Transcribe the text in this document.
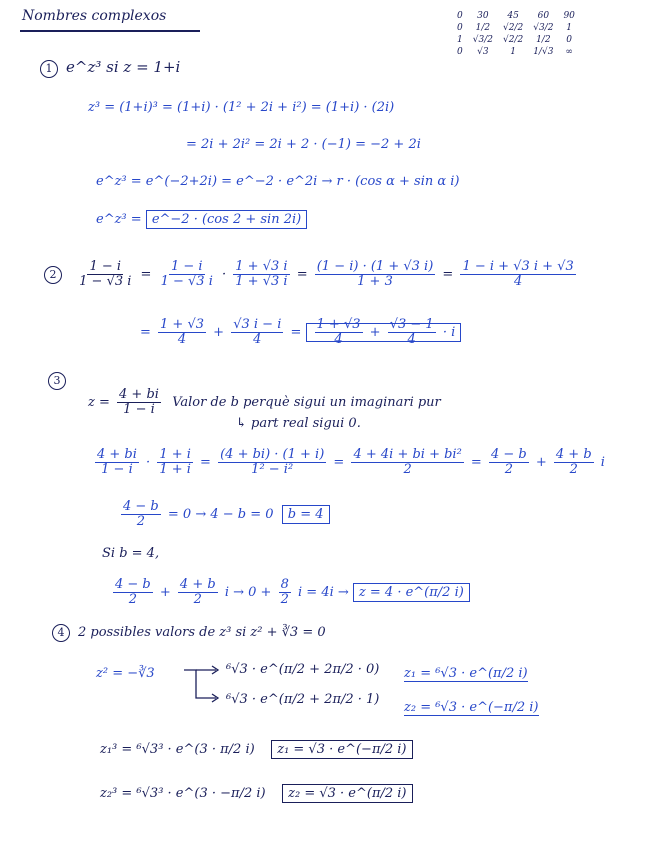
Nombres complexos	0	30	45	60	90
0	1/2	√2/2	√3/2	1
1	√3/2	√2/2	1/2	0
0	√3	1	1/√3	∞
1 e^z³ si z = 1+i
z³ = (1+i)³ = (1+i) · (1² + 2i + i²) = (1+i) · (2i)
= 2i + 2i² = 2i + 2 · (−1) = −2 + 2i
e^z³ = e^(−2+2i) = e^−2 · e^2i → r · (cos α + sin α i)
e^z³ = e^−2 · (cos 2 + sin 2i)
$2 \frac{1 - i}{1 - √3 i} = \frac{1 - i}{1 - √3 i} \cdot \frac{1 + √3 i}{1 + √3 i} = \frac{(1 - i) \cdot (1 + √3 i)}{1 + 3} = \frac{1 - i + √3 i + √3}{4}$
= $\frac{1 + √3}{4} + \frac{√3 i - i}{4} = \frac{1 + √3}{4} + \frac{√3 - 1}{4} \cdot i$
3
$z = \frac{4 + bi}{1 - i}$ Valor de b perquè sigui un imaginari pur
↳ part real sigui 0.
$\frac{4 + bi}{1 - i} \cdot \frac{1 + i}{1 + i} = \frac{(4 + bi) \cdot (1 + i)}{\text{1² − i²}} = \frac{\text{4 + 4i + bi + bi²}}{2} = \frac{4 - b}{2} + \frac{4 + b}{2}$ i
$\frac{4 - b}{2} = 0 \to 4 - b = 0$ b = 4
Si b = 4,
$\frac{4 - b}{2} + \frac{4 + b}{2}$ $i \to 0 + \frac{8}{2}$ i = 4i → z = 4 · e^(π/2 i)
4 2 possibles valors de z³ si z² + ∛3 = 0
z² = −∛3	⁶√3 · e^(π/2 + 2π/2 · 0)
⁶√3 · e^(π/2 + 2π/2 · 1)
z₁ = ⁶√3 · e^(π/2 i)
z₂ = ⁶√3 · e^(−π/2 i)
z₁³ = ⁶√3³ · e^(3 · π/2 i) z₁ = √3 · e^(−π/2 i)
z₂³ = ⁶√3³ · e^(3 · −π/2 i) z₂ = √3 · e^(π/2 i)
